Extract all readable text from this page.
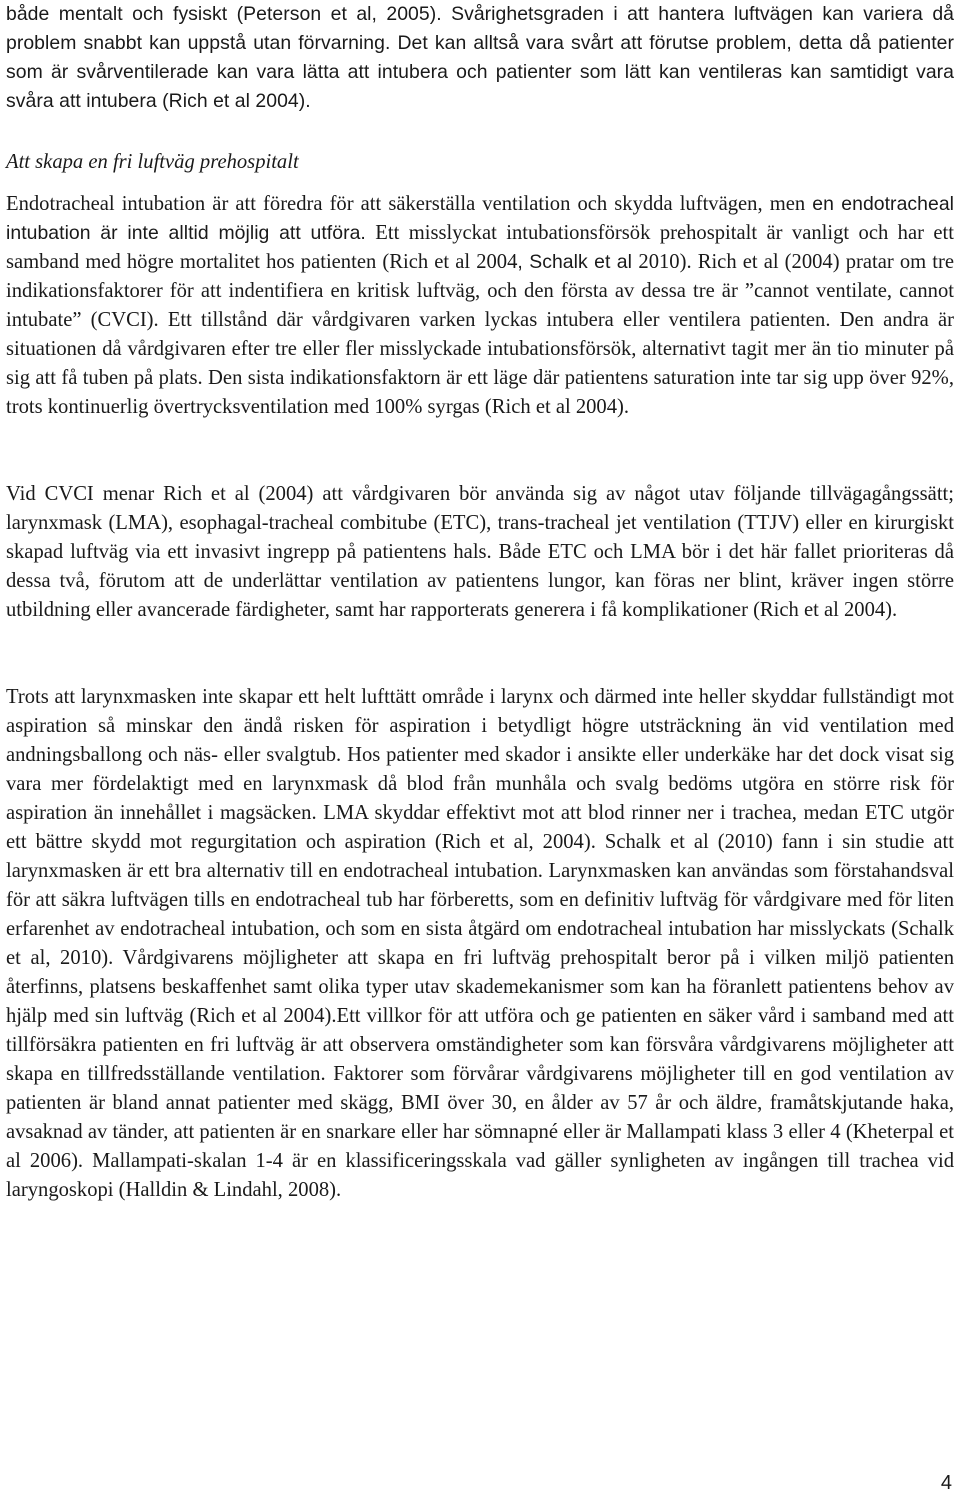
både mentalt och fysiskt (Peterson et al, 2005). Svårighetsgraden i att hantera luftvägen kan variera då problem snabbt kan uppstå utan förvarning. Det kan alltså vara svårt att förutse problem, detta då patienter som är svårventilerade kan vara lätta att intubera och patienter som lätt kan ventileras kan samtidigt vara svåra att intubera (Rich et al 2004).

Att skapa en fri luftväg prehospitalt

Endotracheal intubation är att föredra för att säkerställa ventilation och skydda luftvägen, men en endotracheal intubation är inte alltid möjlig att utföra. Ett misslyckat intubationsförsök prehospitalt är vanligt och har ett samband med högre mortalitet hos patienten (Rich et al 2004, Schalk et al 2010). Rich et al (2004) pratar om tre indikationsfaktorer för att indentifiera en kritisk luftväg, och den första av dessa tre är ”cannot ventilate, cannot intubate” (CVCI). Ett tillstånd där vårdgivaren varken lyckas intubera eller ventilera patienten. Den andra är situationen då vårdgivaren efter tre eller fler misslyckade intubationsförsök, alternativt tagit mer än tio minuter på sig att få tuben på plats. Den sista indikationsfaktorn är ett läge där patientens saturation inte tar sig upp över 92%, trots kontinuerlig övertrycksventilation med 100% syrgas (Rich et al 2004).

Vid CVCI menar Rich et al (2004) att vårdgivaren bör använda sig av något utav följande tillvägagångssätt; larynxmask (LMA), esophagal-tracheal combitube (ETC), trans-tracheal jet ventilation (TTJV) eller en kirurgiskt skapad luftväg via ett invasivt ingrepp på patientens hals. Både ETC och LMA bör i det här fallet prioriteras då dessa två, förutom att de underlättar ventilation av patientens lungor, kan föras ner blint, kräver ingen större utbildning eller avancerade färdigheter, samt har rapporterats generera i få komplikationer (Rich et al 2004).

Trots att larynxmasken inte skapar ett helt lufttätt område i larynx och därmed inte heller skyddar fullständigt mot aspiration så minskar den ändå risken för aspiration i betydligt högre utsträckning än vid ventilation med andningsballong och näs- eller svalgtub. Hos patienter med skador i ansikte eller underkäke har det dock visat sig vara mer fördelaktigt med en larynxmask då blod från munhåla och svalg bedöms utgöra en större risk för aspiration än innehållet i magsäcken. LMA skyddar effektivt mot att blod rinner ner i trachea, medan ETC utgör ett bättre skydd mot regurgitation och aspiration (Rich et al, 2004). Schalk et al (2010) fann i sin studie att larynxmasken är ett bra alternativ till en endotracheal intubation. Larynxmasken kan användas som förstahandsval för att säkra luftvägen tills en endotracheal tub har förberetts, som en definitiv luftväg för vårdgivare med för liten erfarenhet av endotracheal intubation, och som en sista åtgärd om endotracheal intubation har misslyckats (Schalk et al, 2010). Vårdgivarens möjligheter att skapa en fri luftväg prehospitalt beror på i vilken miljö patienten återfinns, platsens beskaffenhet samt olika typer utav skademekanismer som kan ha föranlett patientens behov av hjälp med sin luftväg (Rich et al 2004).Ett villkor för att utföra och ge patienten en säker vård i samband med att tillförsäkra patienten en fri luftväg är att observera omständigheter som kan försvåra vårdgivarens möjligheter att skapa en tillfredsställande ventilation. Faktorer som förvårar vårdgivarens möjligheter till en god ventilation av patienten är bland annat patienter med skägg, BMI över 30, en ålder av 57 år och äldre, framåtskjutande haka, avsaknad av tänder, att patienten är en snarkare eller har sömnapné eller är Mallampati klass 3 eller 4 (Kheterpal et al 2006). Mallampati-skalan 1-4 är en klassificeringsskala vad gäller synligheten av ingången till trachea vid laryngoskopi (Halldin & Lindahl, 2008).

4
